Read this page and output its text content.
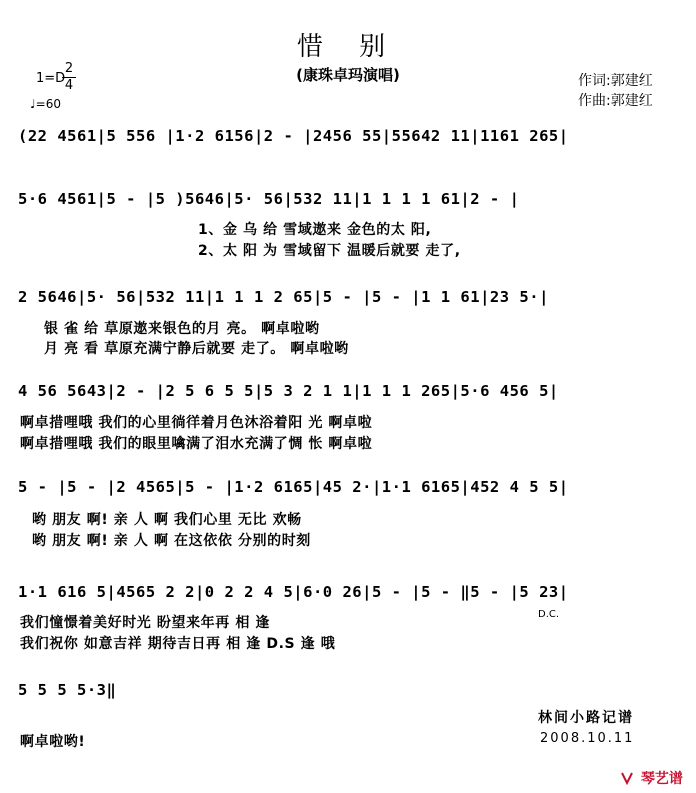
惜 别
(康珠卓玛演唱)
1=D
2
4
♩=60
作词:郭建红
作曲:郭建红
(22 4561|5 556 |1·2 6156|2 - |2456 55|55642 11|1161 265|
5·6 4561|5 - |5 )5646|5· 56|532 11|1 1 1 1 61|2 - |
1、金 乌 给 雪域遨来 金色的太 阳,
2、太 阳 为 雪域留下 温暖后就要 走了,
2 5646|5· 56|532 11|1 1 1 2 65|5 - |5 - |1 1 61|23 5·|
银 雀 给 草原遨来银色的月 亮。 啊卓啦哟
月 亮 看 草原充满宁静后就要 走了。 啊卓啦哟
4 56 5643|2 - |2 5 6 5 5|5 3 2 1 1|1 1 1 265|5·6 456 5|
啊卓措哩哦 我们的心里徜徉着月色沐浴着阳 光 啊卓啦
啊卓措哩哦 我们的眼里噙满了泪水充满了惆 怅 啊卓啦
5 - |5 - |2 4565|5 - |1·2 6165|45 2·|1·1 6165|452 4 5 5|
哟 朋友 啊! 亲 人 啊 我们心里 无比 欢畅
哟 朋友 啊! 亲 人 啊 在这依依 分别的时刻
1·1 616 5|4565 2 2|0 2 2 4 5|6·0 26|5 - |5 - ‖5 - |5 23|
D.C.
我们憧憬着美好时光 盼望来年再 相 逢
我们祝你 如意吉祥 期待吉日再 相 逢 D.S 逢 哦
5 5 5 5·3‖
啊卓啦哟!
林间小路记谱
2008.10.11
琴艺谱
